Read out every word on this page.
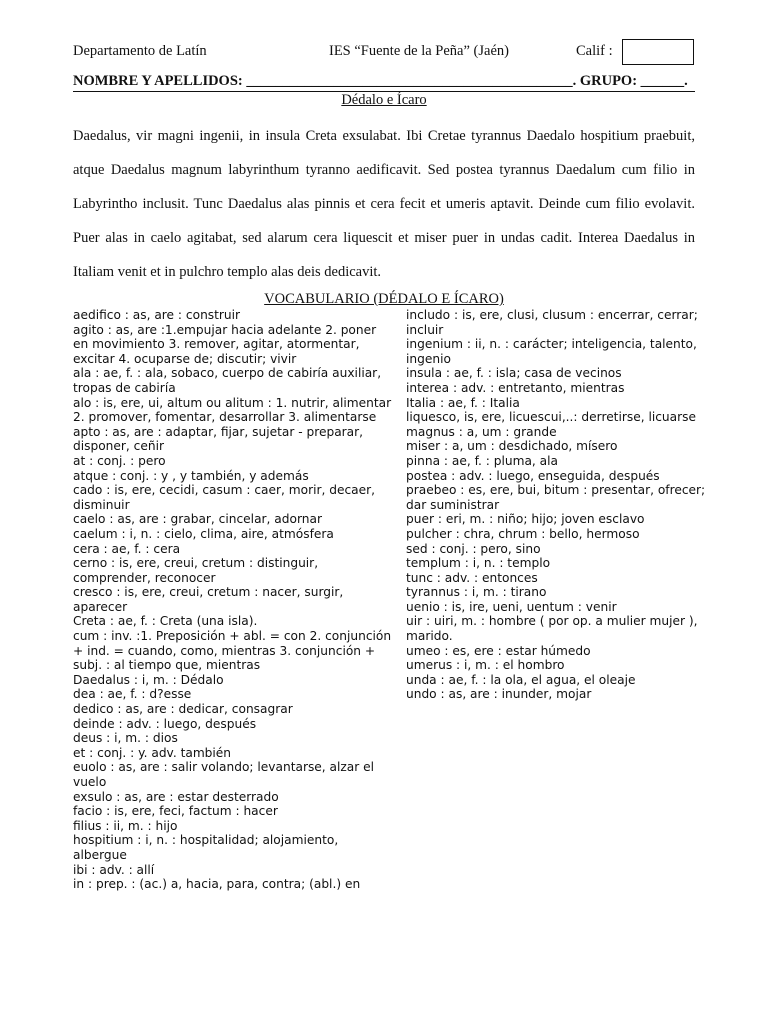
Departamento de Latín	IES “Fuente de la Peña” (Jaén)	Calif :
NOMBRE Y APELLIDOS: _____________________________________________. GRUPO: ______.
Dédalo e Ícaro

Daedalus, vir magni ingenii, in insula Creta exsulabat. Ibi Cretae tyrannus Daedalo hospitium praebuit, atque Daedalus magnum labyrinthum tyranno aedificavit. Sed postea tyrannus Daedalum cum filio in Labyrintho inclusit. Tunc Daedalus alas pinnis et cera fecit et umeris aptavit. Deinde cum filio evolavit. Puer alas in caelo agitabat, sed alarum cera liquescit et miser puer in undas cadit. Interea Daedalus in Italiam venit et in pulchro templo alas deis dedicavit.

VOCABULARIO (DÉDALO E ÍCARO)

aedifico : as, are : construir

agito : as, are :1.empujar hacia adelante 2. poner en movimiento 3. remover, agitar, atormentar, excitar 4. ocuparse de; discutir; vivir

ala : ae, f. : ala, sobaco, cuerpo de cabiría auxiliar, tropas de cabiría

alo : is, ere, ui, altum ou alitum : 1. nutrir, alimentar 2. promover, fomentar, desarrollar 3. alimentarse

apto : as, are : adaptar, fijar, sujetar - preparar, disponer, ceñir

at : conj. : pero

atque : conj. : y , y también, y además

cado : is, ere, cecidi, casum : caer, morir, decaer, disminuir

caelo : as, are : grabar, cincelar, adornar

caelum : i, n. : cielo, clima, aire, atmósfera

cera : ae, f. : cera

cerno : is, ere, creui, cretum : distinguir, comprender, reconocer

cresco : is, ere, creui, cretum : nacer, surgir, aparecer

Creta : ae, f. : Creta (una isla).

cum : inv. :1. Preposición + abl. = con 2. conjunción + ind. = cuando, como, mientras 3. conjunción + subj. : al tiempo que, mientras

Daedalus : i, m. : Dédalo

dea : ae, f. : d?esse

dedico : as, are : dedicar, consagrar

deinde : adv. : luego, después

deus : i, m. : dios

et : conj. : y. adv. también

euolo : as, are : salir volando; levantarse, alzar el vuelo

exsulo : as, are : estar desterrado

facio : is, ere, feci, factum : hacer

filius : ii, m. : hijo

hospitium : i, n. : hospitalidad; alojamiento, albergue

ibi : adv. : allí

in : prep. : (ac.) a, hacia, para, contra; (abl.) en

includo : is, ere, clusi, clusum : encerrar, cerrar; incluir

ingenium : ii, n. : carácter; inteligencia, talento, ingenio

insula : ae, f. : isla; casa de vecinos

interea : adv. : entretanto, mientras

Italia : ae, f. : Italia

liquesco, is, ere, licuescui,..: derretirse, licuarse

magnus : a, um : grande

miser : a, um : desdichado, mísero

pinna : ae, f. : pluma, ala

postea : adv. : luego, enseguida, después

praebeo : es, ere, bui, bitum : presentar, ofrecer; dar suministrar

puer : eri, m. : niño; hijo; joven esclavo

pulcher : chra, chrum : bello, hermoso

sed : conj. : pero, sino

templum : i, n. : templo

tunc : adv. : entonces

tyrannus : i, m. : tirano

uenio : is, ire, ueni, uentum : venir

uir : uiri, m. : hombre ( por op. a mulier mujer ), marido.

umeo : es, ere : estar húmedo

umerus : i, m. : el hombro

unda : ae, f. : la ola, el agua, el oleaje

undo : as, are : inunder, mojar
